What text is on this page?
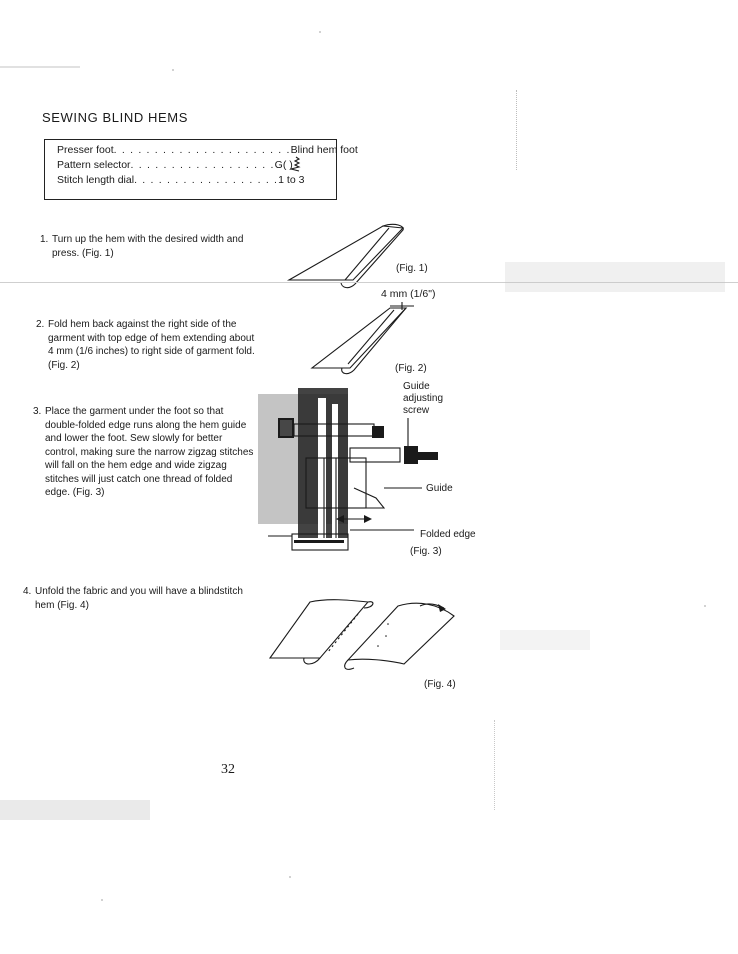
SEWING BLIND HEMS
Presser foot . . . . . . . . . . . . . . . . . . . . . . Blind hem foot
Pattern selector . . . . . . . . . . . . . . . . . . G( )
Stitch length dial . . . . . . . . . . . . . . . . . . 1 to 3
1. Turn up the hem with the desired width and press. (Fig. 1)
(Fig. 1)
2. Fold hem back against the right side of the garment with top edge of hem extending about 4 mm (1/6 inches) to right side of garment fold. (Fig. 2)
4 mm (1/6")
(Fig. 2)
3. Place the garment under the foot so that double-folded edge runs along the hem guide and lower the foot. Sew slowly for better control, making sure the narrow zigzag stitches will fall on the hem edge and wide zigzag stitches will just catch one thread of folded edge. (Fig. 3)
Guide adjusting screw
Guide
Folded edge
(Fig. 3)
4. Unfold the fabric and you will have a blindstitch hem (Fig. 4)
(Fig. 4)
32
